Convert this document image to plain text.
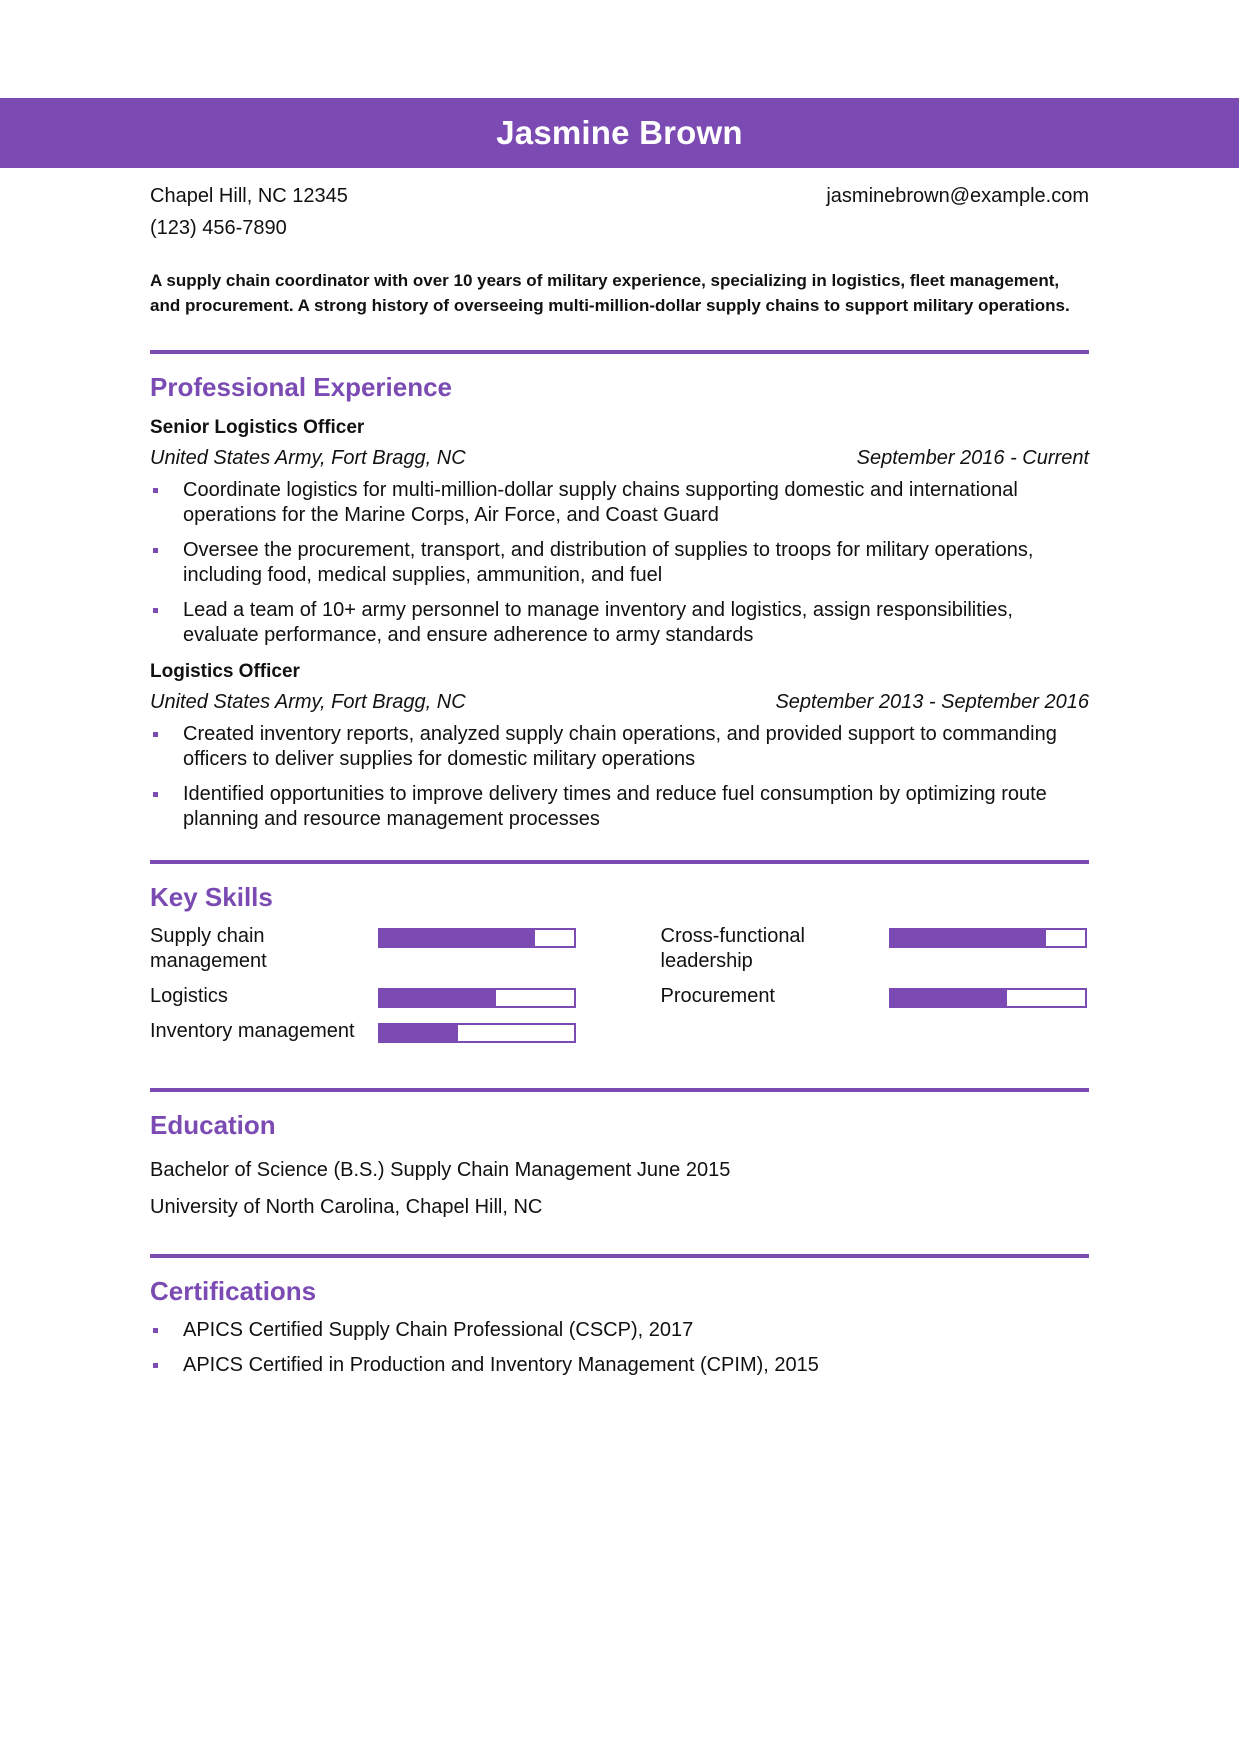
Jasmine Brown
Chapel Hill, NC 12345
(123) 456-7890
jasminebrown@example.com
A supply chain coordinator with over 10 years of military experience, specializing in logistics, fleet management, and procurement. A strong history of overseeing multi-million-dollar supply chains to support military operations.
Professional Experience
Senior Logistics Officer
United States Army, Fort Bragg, NC	September 2016 - Current
Coordinate logistics for multi-million-dollar supply chains supporting domestic and international operations for the Marine Corps, Air Force, and Coast Guard
Oversee the procurement, transport, and distribution of supplies to troops for military operations, including food, medical supplies, ammunition, and fuel
Lead a team of 10+ army personnel to manage inventory and logistics, assign responsibilities, evaluate performance, and ensure adherence to army standards
Logistics Officer
United States Army, Fort Bragg, NC	September 2013 - September 2016
Created inventory reports, analyzed supply chain operations, and provided support to commanding officers to deliver supplies for domestic military operations
Identified opportunities to improve delivery times and reduce fuel consumption by optimizing route planning and resource management processes
Key Skills
Supply chain management
Logistics
Inventory management
Cross-functional leadership
Procurement
Education
Bachelor of Science (B.S.) Supply Chain Management June 2015
University of North Carolina, Chapel Hill, NC
Certifications
APICS Certified Supply Chain Professional (CSCP), 2017
APICS Certified in Production and Inventory Management (CPIM), 2015
